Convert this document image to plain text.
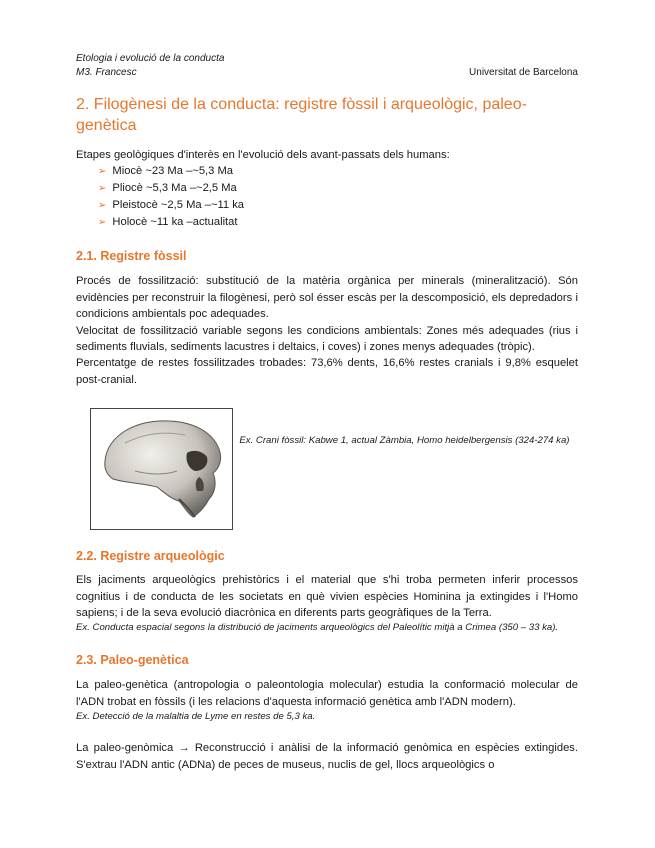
Etologia i evolució de la conducta
M3. Francesc	Universitat de Barcelona
2. Filogènesi de la conducta: registre fòssil i arqueològic, paleo-genètica

Etapes geològiques d'interès en l'evolució dels avant-passats dels humans:

➢ Miocè ~23 Ma –~5,3 Ma
➢ Pliocè ~5,3 Ma –~2,5 Ma
➢ Pleistocè ~2,5 Ma –~11 ka
➢ Holocè ~11 ka –actualitat
2.1. Registre fòssil

Procés de fossilització: substitució de la matèria orgànica per minerals (mineralització). Són evidències per reconstruir la filogènesi, però sol ésser escàs per la descomposició, els depredadors i condicions ambientals poc adequades.

Velocitat de fossilització variable segons les condicions ambientals: Zones més adequades (rius i sediments fluvials, sediments lacustres i deltaics, i coves) i zones menys adequades (tròpic).

Percentatge de restes fossilitzades trobades: 73,6% dents, 16,6% restes cranials i 9,8% esquelet post-cranial.

Ex. Crani fòssil: Kabwe 1, actual Zàmbia, Homo heidelbergensis (324-274 ka)
2.2. Registre arqueològic

Els jaciments arqueològics prehistòrics i el material que s'hi troba permeten inferir processos cognitius i de conducta de les societats en què vivien espècies Hominina ja extingides i l'Homo sapiens; i de la seva evolució diacrònica en diferents parts geogràfiques de la Terra.

Ex. Conducta espacial segons la distribució de jaciments arqueològics del Paleolític mitjà a Crimea (350 – 33 ka).

2.3. Paleo-genètica

La paleo-genètica (antropologia o paleontologia molecular) estudia la conformació molecular de l'ADN trobat en fòssils (i les relacions d'aquesta informació genètica amb l'ADN modern).

Ex. Detecció de la malaltia de Lyme en restes de 5,3 ka.

La paleo-genòmica → Reconstrucció i anàlisi de la informació genòmica en espècies extingides. S'extrau l'ADN antic (ADNa) de peces de museus, nuclis de gel, llocs arqueològics o
